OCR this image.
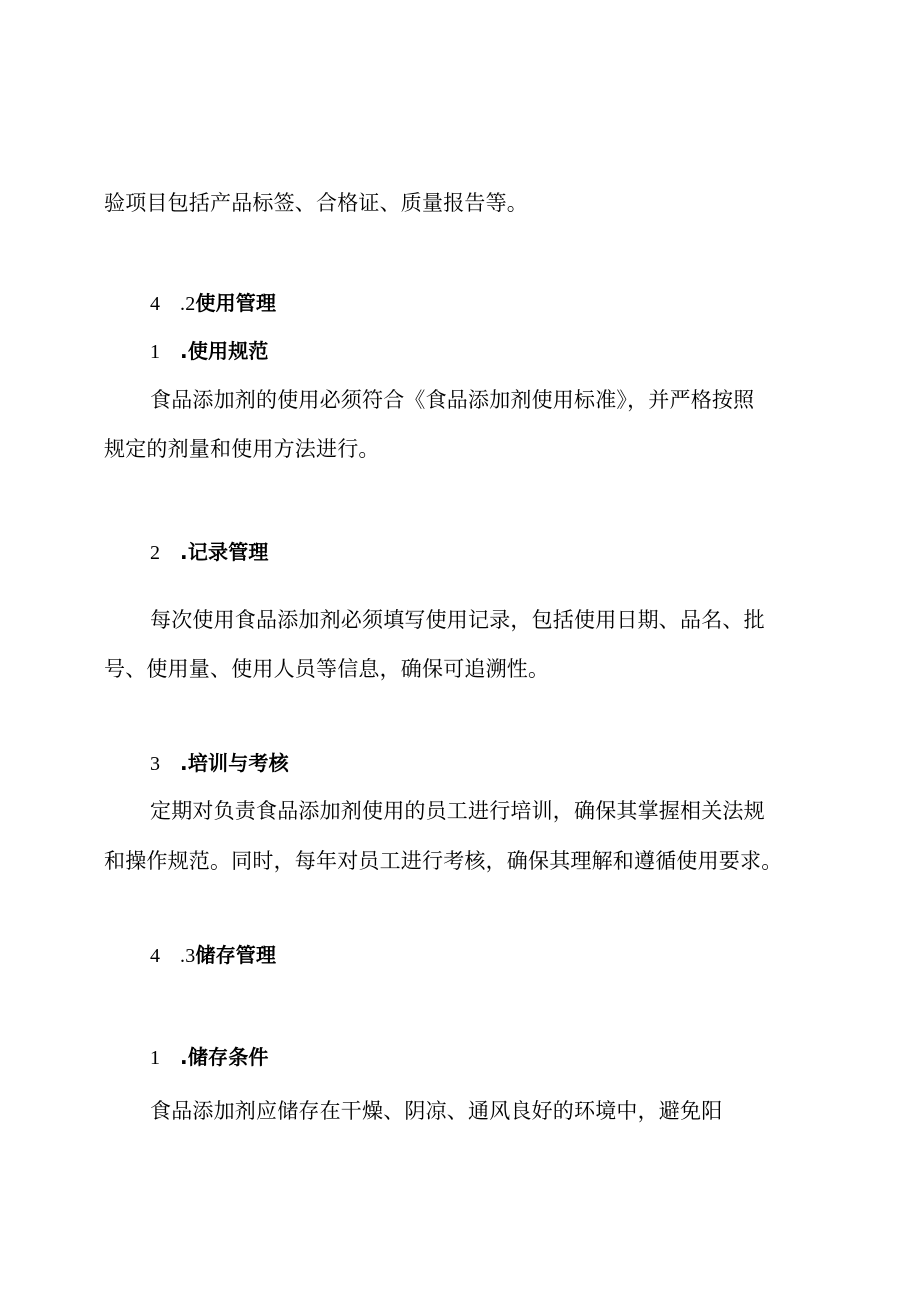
验项目包括产品标签、合格证、质量报告等。
4 .2使用管理
1 .使用规范
食品添加剂的使用必须符合《食品添加剂使用标准》，并严格按照
规定的剂量和使用方法进行。
2 .记录管理
每次使用食品添加剂必须填写使用记录，包括使用日期、品名、批
号、使用量、使用人员等信息，确保可追溯性。
3 .培训与考核
定期对负责食品添加剂使用的员工进行培训，确保其掌握相关法规
和操作规范。同时，每年对员工进行考核，确保其理解和遵循使用要求。
4 .3储存管理
1 .储存条件
食品添加剂应储存在干燥、阴凉、通风良好的环境中，避免阳
